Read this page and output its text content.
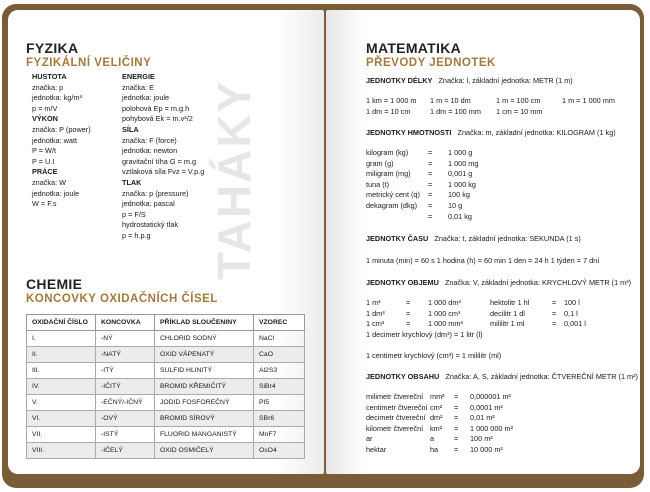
FYZIKA
FYZIKÁLNÍ VELIČINY
HUSTOTA
značka: p
jednotka: kg/m³
p = m/V
VÝKON
značka: P (power)
jednotka: watt
P = W/t
P = U.I
PRÁCE
značka: W
jednotka: joule
W = F.s
ENERGIE
značka: E
jednotka: joule
polohová Ep = m.g.h
pohybová Ek = m.v²/2
SÍLA
značka: F (force)
jednotka: newton
gravitační tíha G = m.g
vztlaková síla Fvz = V.p.g
TLAK
značka: p (pressure)
jednotka: pascal
p = F/S
hydrostatický tlak
p = h.p.g	TAHÁKY
CHEMIE
KONCOVKY OXIDAČNÍCH ČÍSEL
OXIDAČNÍ ČÍSLO	KONCOVKA	PŘÍKLAD SLOUČENINY	VZOREC
I.	-NÝ	CHLORID SODNÝ	NaCl
II.	-NATÝ	OXID VÁPENATÝ	CaO
III.	-ITÝ	SULFID HLINITÝ	Al2S3
IV.	-IČITÝ	BROMID KŘEMIČITÝ	SiBr4
V.	-EČNÝ/-IČNÝ	JODID FOSFOREČNÝ	PI5
VI.	-OVÝ	BROMID SÍROVÝ	SBr6
VII.	-ISTÝ	FLUORID MANGANISTÝ	MnF7
VIII.	-IČELÝ	OXID OSMIČELÝ	OsO4
MATEMATIKA
PŘEVODY JEDNOTEK
JEDNOTKY DÉLKY Značka: l, základní jednotka: METR (1 m)
1 km = 1 000 m 1 m = 10 dm	1 m = 100 cm	1 m = 1 000 mm
1 dm = 10 cm	1 dm = 100 mm 1 cm = 10 mm
JEDNOTKY HMOTNOSTI Značka: m, základní jednotka: KILOGRAM (1 kg)
kilogram (kg)	= 1 000 g
gram (g)	= 1 000 mg
miligram (mg) = 0,001 g
tuna (t)	= 1 000 kg
metrický cent (q) = 100 kg
dekagram (dkg) = 10 g
= 0,01 kg
JEDNOTKY ČASU Značka: t, základní jednotka: SEKUNDA (1 s)
1 minuta (min) = 60 s 1 hodina (h) = 60 min 1 den = 24 h 1 týden = 7 dní
JEDNOTKY OBJEMU Značka: V, základní jednotka: KRYCHLOVÝ METR (1 m³)
1 m³	= 1 000 dm³	hektolitr 1 hl	= 100 l
1 dm³	= 1 000 cm³	decilitr 1 dl	= 0,1 l
1 cm³	= 1 000 mm³	mililitr 1 ml	= 0,001 l
1 decimetr krychlový (dm³) = 1 litr (l)
1 centimetr krychlový (cm³) = 1 mililitr (ml)
JEDNOTKY OBSAHU Značka: A, S, základní jednotka: ČTVEREČNÍ METR (1 m²)
milimetr čtvereční mm² = 0,000001 m²
centimetr čtvereční cm² = 0,0001 m²
decimetr čtvereční dm² = 0,01 m²
kilometr čtvereční km² = 1 000 000 m²
ar	a	= 100 m²
hektar	ha = 10 000 m²
